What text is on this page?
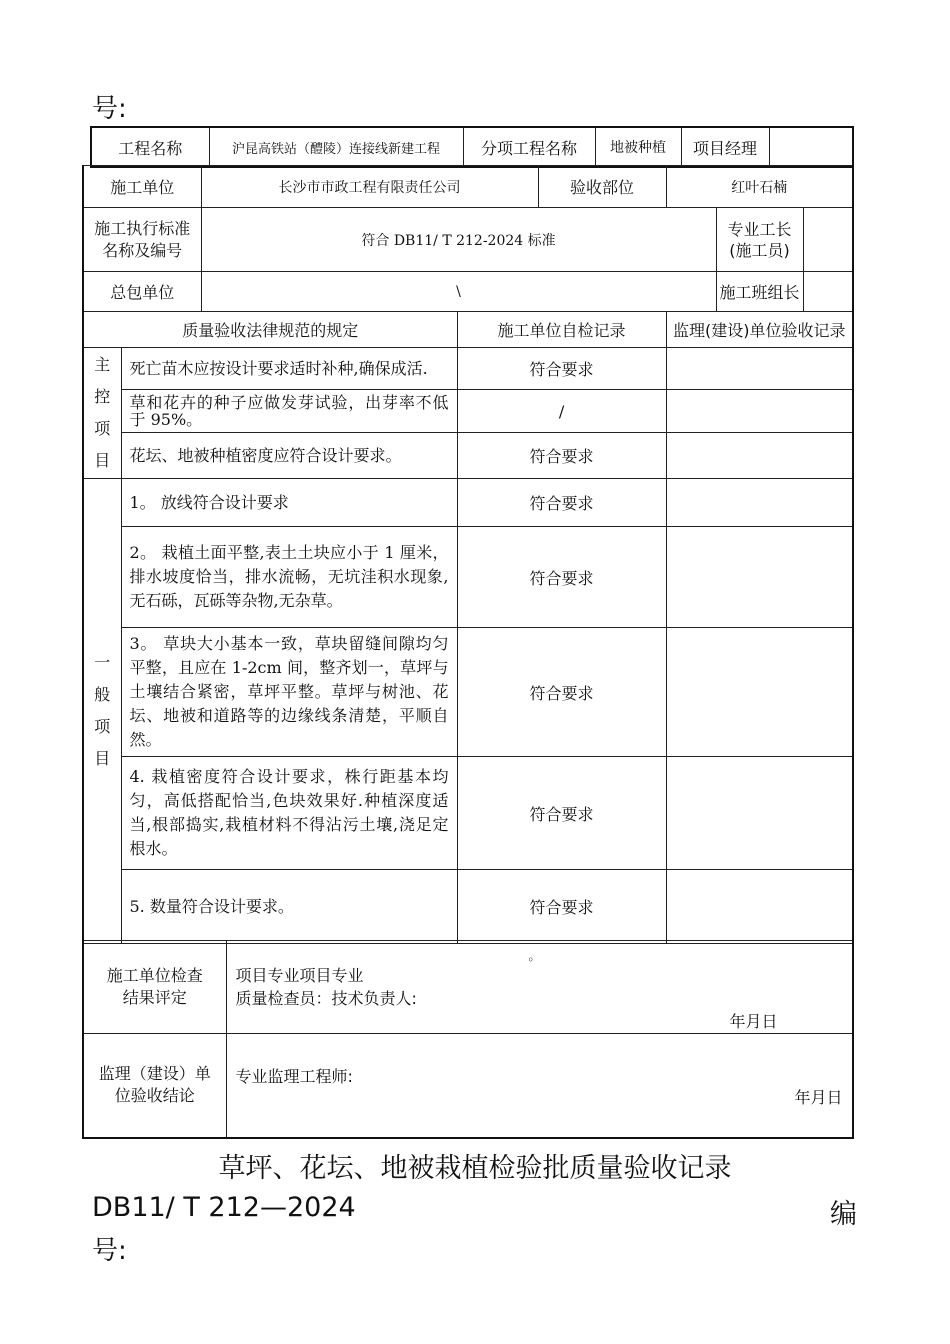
号:
工程名称	沪昆高铁站（醴陵）连接线新建工程	分项工程名称	地被种植	项目经理	
施工单位		长沙市市政工程有限责任公司		验收部位	红叶石楠		
施工执行标准名称及编号		符合 DB11/ T 212-2024 标准				专业工长(施工员)	
总包单位		\				施工班组长	
质量验收法律规范的规定			施工单位自检记录		监理(建设)单位验收记录		
主
控
项
目	死亡苗木应按设计要求适时补种,确保成活.		符合要求				
	草和花卉的种子应做发芽试验，出芽率不低于 95%。		/				
	花坛、地被种植密度应符合设计要求。		符合要求				
一
般
项
目	1。 放线符合设计要求		符合要求				
	2。 栽植土面平整,表土土块应小于 1 厘米，排水坡度恰当，排水流畅，无坑洼积水现象,无石砾，瓦砾等杂物,无杂草。		符合要求				
	3。 草块大小基本一致，草块留缝间隙均匀平整，且应在 1-2cm 间，整齐划一，草坪与土壤结合紧密，草坪平整。草坪与树池、花坛、地被和道路等的边缘线条清楚，平顺自然。		符合要求				
	4. 栽植密度符合设计要求，株行距基本均匀，高低搭配恰当,色块效果好.种植深度适当,根部捣实,栽植材料不得沾污土壤,浇足定根水。		符合要求				
	5. 数量符合设计要求。		符合要求				
施工单位检查结果评定	。
项目专业项目专业
质量检查员：技术负责人:
年月日

监理（建设）单位验收结论	专业监理工程师:
年月日
草坪、花坛、地被栽植检验批质量验收记录
DB11/ T 212—2024	编
号:
